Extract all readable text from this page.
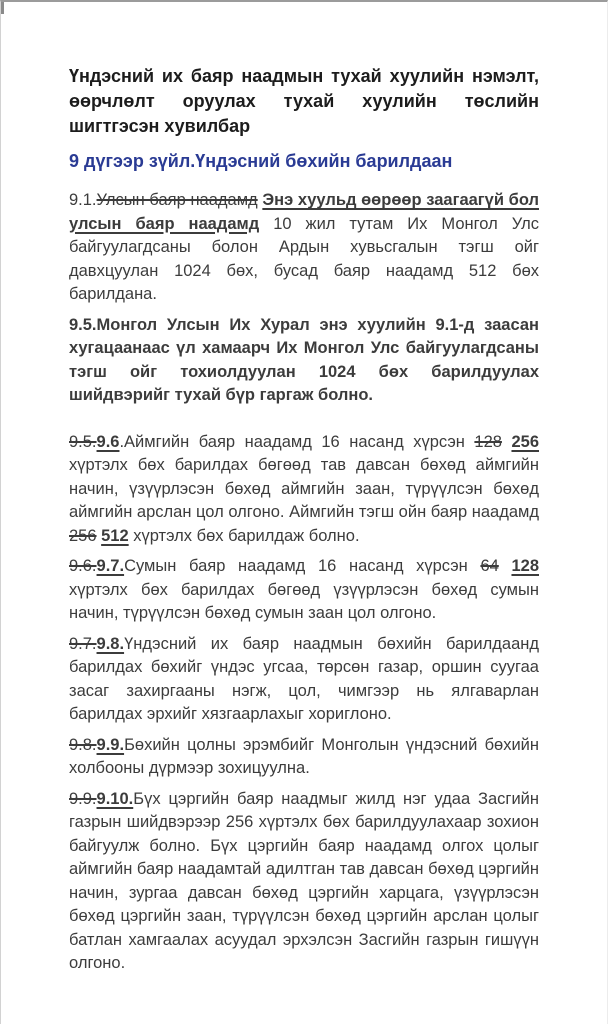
Үндэсний их баяр наадмын тухай хуулийн нэмэлт, өөрчлөлт оруулах тухай хуулийн төслийн шигтгэсэн хувилбар
9 дүгээр зүйл.Үндэсний бөхийн барилдаан

9.1.Улсын баяр наадамд Энэ хуульд өөрөөр заагаагүй бол улсын баяр наадамд 10 жил тутам Их Монгол Улс байгуулагдсаны болон Ардын хувьсгалын тэгш ойг давхцуулан 1024 бөх, бусад баяр наадамд 512 бөх барилдана.

9.5.Монгол Улсын Их Хурал энэ хуулийн 9.1-д заасан хугацаанаас үл хамаарч Их Монгол Улс байгуулагдсаны тэгш ойг тохиолдуулан 1024 бөх барилдуулах шийдвэрийг тухай бүр гаргаж болно.

9.5.9.6.Аймгийн баяр наадамд 16 насанд хүрсэн 128 256 хүртэлх бөх барилдах бөгөөд тав давсан бөхөд аймгийн начин, үзүүрлэсэн бөхөд аймгийн заан, түрүүлсэн бөхөд аймгийн арслан цол олгоно. Аймгийн тэгш ойн баяр наадамд 256 512 хүртэлх бөх барилдаж болно.

9.6.9.7.Сумын баяр наадамд 16 насанд хүрсэн 64 128 хүртэлх бөх барилдах бөгөөд үзүүрлэсэн бөхөд сумын начин, түрүүлсэн бөхөд сумын заан цол олгоно.

9.7.9.8.Үндэсний их баяр наадмын бөхийн барилдаанд барилдах бөхийг үндэс угсаа, төрсөн газар, оршин суугаа засаг захиргааны нэгж, цол, чимгээр нь ялгаварлан барилдах эрхийг хязгаарлахыг хориглоно.

9.8.9.9.Бөхийн цолны эрэмбийг Монголын үндэсний бөхийн холбооны дүрмээр зохицуулна.

9.9.9.10.Бүх цэргийн баяр наадмыг жилд нэг удаа Засгийн газрын шийдвэрээр 256 хүртэлх бөх барилдуулахаар зохион байгуулж болно. Бүх цэргийн баяр наадамд олгох цолыг аймгийн баяр наадамтай адилтган тав давсан бөхөд цэргийн начин, зургаа давсан бөхөд цэргийн харцага, үзүүрлэсэн бөхөд цэргийн заан, түрүүлсэн бөхөд цэргийн арслан цолыг батлан хамгаалах асуудал эрхэлсэн Засгийн газрын гишүүн олгоно.
